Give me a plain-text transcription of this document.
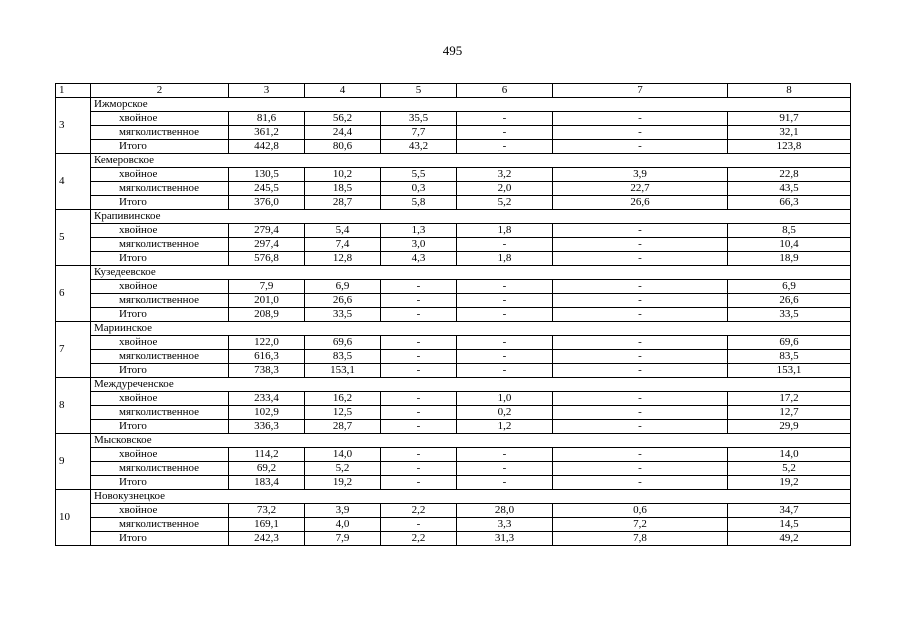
495
1	2	3	4	5	6	7	8
3	Ижморское						
	хвойное	81,6	56,2	35,5	-	-	91,7
	мягколиственное	361,2	24,4	7,7	-	-	32,1
	Итого	442,8	80,6	43,2	-	-	123,8
4	Кемеровское						
	хвойное	130,5	10,2	5,5	3,2	3,9	22,8
	мягколиственное	245,5	18,5	0,3	2,0	22,7	43,5
	Итого	376,0	28,7	5,8	5,2	26,6	66,3
5	Крапивинское						
	хвойное	279,4	5,4	1,3	1,8	-	8,5
	мягколиственное	297,4	7,4	3,0	-	-	10,4
	Итого	576,8	12,8	4,3	1,8	-	18,9
6	Кузедеевское						
	хвойное	7,9	6,9	-	-	-	6,9
	мягколиственное	201,0	26,6	-	-	-	26,6
	Итого	208,9	33,5	-	-	-	33,5
7	Мариинское						
	хвойное	122,0	69,6	-	-	-	69,6
	мягколиственное	616,3	83,5	-	-	-	83,5
	Итого	738,3	153,1	-	-	-	153,1
8	Междуреченское						
	хвойное	233,4	16,2	-	1,0	-	17,2
	мягколиственное	102,9	12,5	-	0,2	-	12,7
	Итого	336,3	28,7	-	1,2	-	29,9
9	Мысковское						
	хвойное	114,2	14,0	-	-	-	14,0
	мягколиственное	69,2	5,2	-	-	-	5,2
	Итого	183,4	19,2	-	-	-	19,2
10	Новокузнецкое						
	хвойное	73,2	3,9	2,2	28,0	0,6	34,7
	мягколиственное	169,1	4,0	-	3,3	7,2	14,5
	Итого	242,3	7,9	2,2	31,3	7,8	49,2
